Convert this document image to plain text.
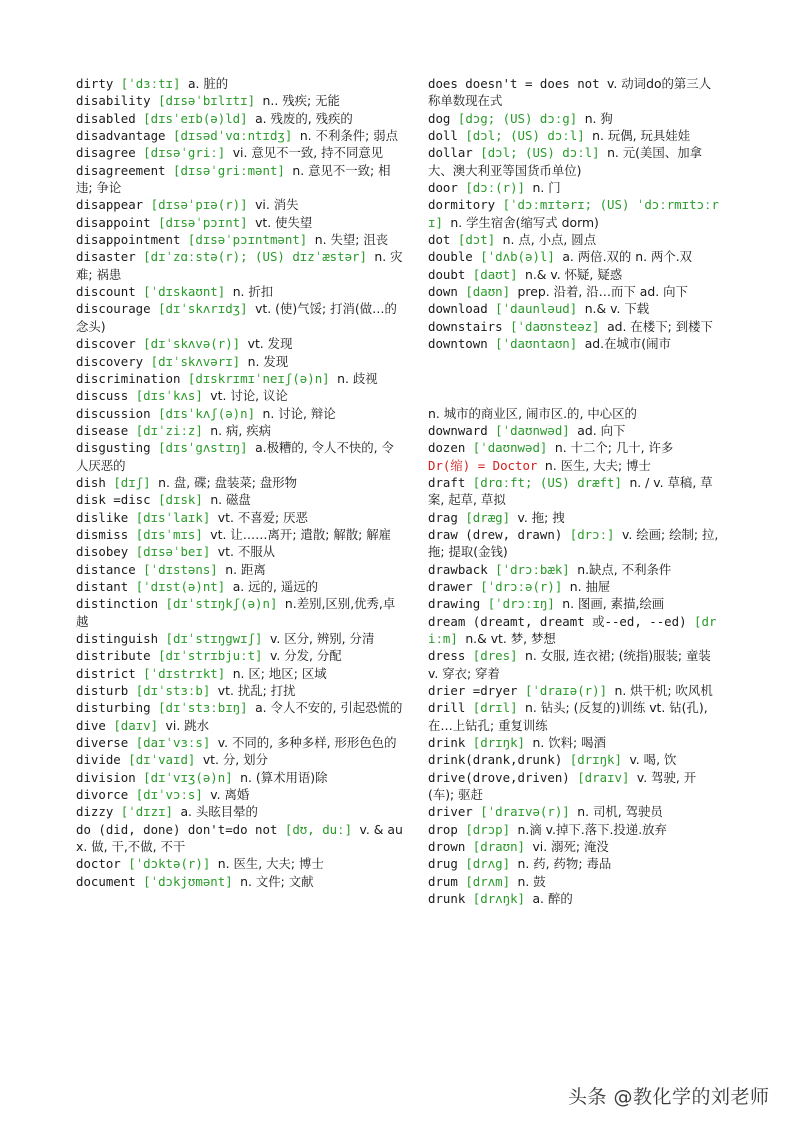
dirty [ˈdɜːtɪ] a. 脏的
disability [dɪsəˈbɪlɪtɪ] n.. 残疾; 无能
disabled [dɪsˈeɪb(ə)ld] a. 残废的, 残疾的
disadvantage [dɪsədˈvɑːntɪdʒ] n. 不利条件; 弱点
disagree [dɪsəˈgriː] vi. 意见不一致, 持不同意见
disagreement [dɪsəˈgriːmənt] n. 意见不一致; 相违; 争论
disappear [dɪsəˈpɪə(r)] vi. 消失
disappoint [dɪsəˈpɔɪnt] vt. 使失望
disappointment [dɪsəˈpɔɪntmənt] n. 失望; 沮丧
disaster [dɪˈzɑːstə(r); (US) dɪzˈæstər] n. 灾难; 祸患
discount [ˈdɪskaʊnt] n. 折扣
discourage [dɪˈskʌrɪdʒ] vt. (使)气馁; 打消(做…的念头)
discover [dɪˈskʌvə(r)] vt. 发现
discovery [dɪˈskʌvərɪ] n. 发现
discrimination [dɪskrɪmɪˈneɪʃ(ə)n] n. 歧视
discuss [dɪsˈkʌs] vt. 讨论, 议论
discussion [dɪsˈkʌʃ(ə)n] n. 讨论, 辩论
disease [dɪˈziːz] n. 病, 疾病
disgusting [dɪsˈgʌstɪŋ] a.极糟的, 令人不快的, 令人厌恶的
dish [dɪʃ] n. 盘, 碟; 盘装菜; 盘形物
disk =disc [dɪsk] n. 磁盘
dislike [dɪsˈlaɪk] vt. 不喜爱; 厌恶
dismiss [dɪsˈmɪs] vt. 让……离开; 遣散; 解散; 解雇
disobey [dɪsəˈbeɪ] vt. 不服从
distance [ˈdɪstəns] n. 距离
distant [ˈdɪst(ə)nt] a. 远的, 遥远的
distinction [dɪˈstɪŋkʃ(ə)n] n.差别,区别,优秀,卓越
distinguish [dɪˈstɪŋgwɪʃ] v. 区分, 辨别, 分清
distribute [dɪˈstrɪbjuːt] v. 分发, 分配
district [ˈdɪstrɪkt] n. 区; 地区; 区域
disturb [dɪˈstɜːb] vt. 扰乱; 打扰
disturbing [dɪˈstɜːbɪŋ] a. 令人不安的, 引起恐慌的
dive [daɪv] vi. 跳水
diverse [daɪˈvɜːs] v. 不同的, 多种多样, 形形色色的
divide [dɪˈvaɪd] vt. 分, 划分
division [dɪˈvɪʒ(ə)n] n. (算术用语)除
divorce [dɪˈvɔːs] v. 离婚
dizzy [ˈdɪzɪ] a. 头眩目晕的
do (did, done) don't=do not [dʊ, duː] v. & aux. 做, 干,不做, 不干
doctor [ˈdɔktə(r)] n. 医生, 大夫; 博士
document [ˈdɔkjʊmənt] n. 文件; 文献
does doesn't = does not v. 动词do的第三人称单数现在式
dog [dɔg; (US) dɔːg] n. 狗
doll [dɔl; (US) dɔːl] n. 玩偶, 玩具娃娃
dollar [dɔl; (US) dɔːl] n. 元(美国、加拿大、澳大利亚等国货币单位)
door [dɔː(r)] n. 门
dormitory [ˈdɔːmɪtərɪ; (US) ˈdɔːrmɪtɔːrɪ] n. 学生宿舍(缩写式 dorm)
dot [dɔt] n. 点, 小点, 圆点
double [ˈdʌb(ə)l] a. 两倍.双的 n. 两个.双
doubt [daʊt] n.& v. 怀疑, 疑惑
down [daʊn] prep. 沿着, 沿…而下 ad. 向下
download [ˈdaunləud] n.& v. 下载
downstairs [ˈdaʊnsteəz] ad. 在楼下; 到楼下
downtown [ˈdaʊntaʊn] ad.在城市(闹市
n. 城市的商业区, 闹市区.的, 中心区的
downward [ˈdaʊnwəd] ad. 向下
dozen [ˈdaʊnwəd] n. 十二个; 几十, 许多
Dr(缩) = Doctor n. 医生, 大夫; 博士
draft [drɑːft; (US) dræft] n. / v. 草稿, 草案, 起草, 草拟
drag [dræg] v. 拖; 拽
draw (drew, drawn) [drɔː] v. 绘画; 绘制; 拉, 拖; 提取(金钱)
drawback [ˈdrɔːbæk] n.缺点, 不利条件
drawer [ˈdrɔːə(r)] n. 抽屉
drawing [ˈdrɔːɪŋ] n. 图画, 素描,绘画
dream (dreamt, dreamt 或--ed, --ed) [driːm] n.& vt. 梦, 梦想
dress [dres] n. 女服, 连衣裙; (统指)服装; 童装 v. 穿衣; 穿着
drier =dryer [ˈdraɪə(r)] n. 烘干机; 吹风机
drill [drɪl] n. 钻头; (反复的)训练 vt. 钻(孔), 在…上钻孔; 重复训练
drink [drɪŋk] n. 饮料; 喝酒
drink(drank,drunk) [drɪŋk] v. 喝, 饮
drive(drove,driven) [draɪv] v. 驾驶, 开(车); 驱赶
driver [ˈdraɪvə(r)] n. 司机, 驾驶员
drop [drɔp] n.滴 v.掉下.落下.投递.放弃
drown [draʊn] vi. 溺死; 淹没
drug [drʌg] n. 药, 药物; 毒品
drum [drʌm] n. 鼓
drunk [drʌŋk] a. 醉的
头条 @教化学的刘老师
